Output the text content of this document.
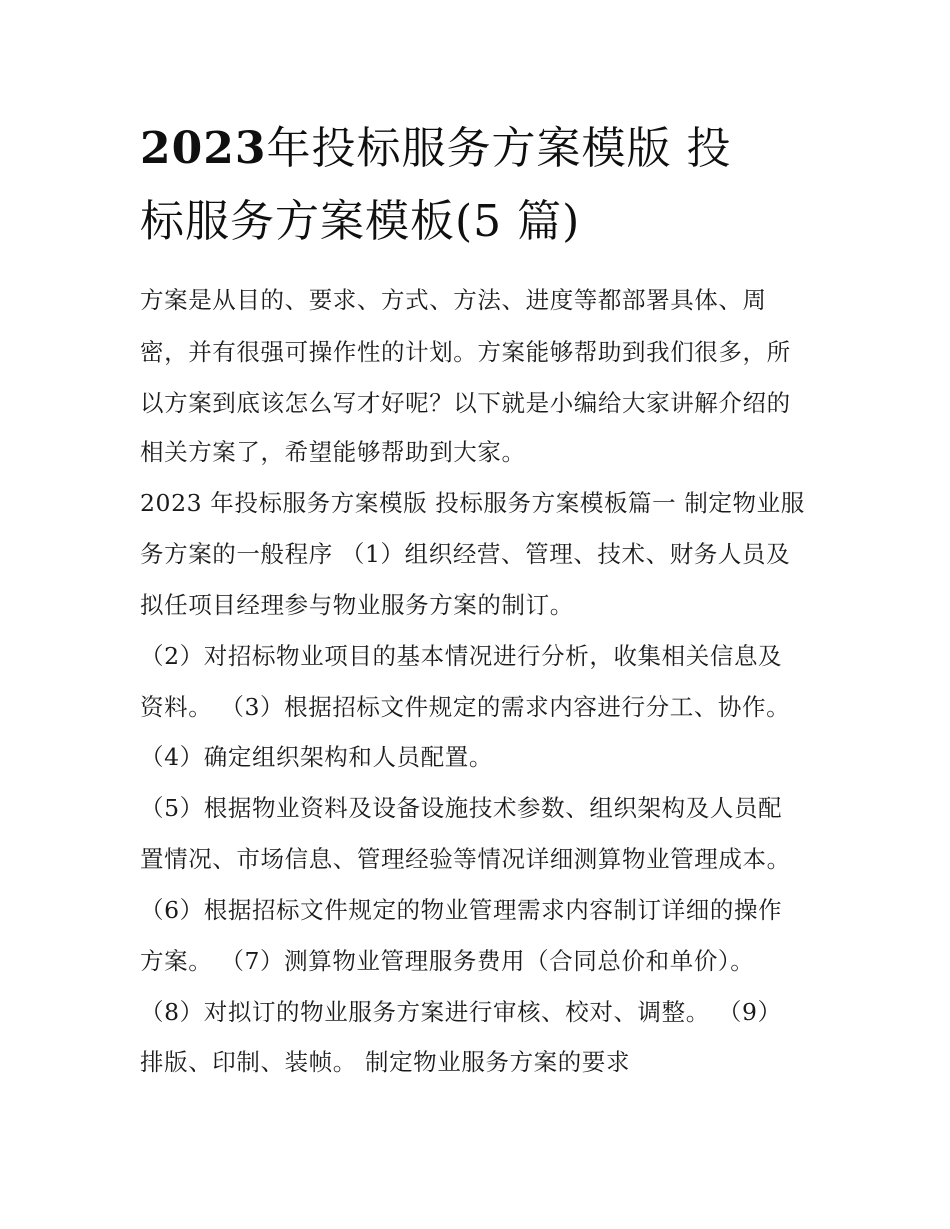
2023年投标服务方案模版 投
标服务方案模板(5 篇)

方案是从目的、要求、方式、方法、进度等都部署具体、周

密，并有很强可操作性的计划。方案能够帮助到我们很多，所

以方案到底该怎么写才好呢？以下就是小编给大家讲解介绍的

相关方案了，希望能够帮助到大家。

2023 年投标服务方案模版 投标服务方案模板篇一 制定物业服

务方案的一般程序 （1）组织经营、管理、技术、财务人员及

拟任项目经理参与物业服务方案的制订。

（2）对招标物业项目的基本情况进行分析，收集相关信息及

资料。 （3）根据招标文件规定的需求内容进行分工、协作。

（4）确定组织架构和人员配置。

（5）根据物业资料及设备设施技术参数、组织架构及人员配

置情况、市场信息、管理经验等情况详细测算物业管理成本。

（6）根据招标文件规定的物业管理需求内容制订详细的操作

方案。 （7）测算物业管理服务费用（合同总价和单价）。

（8）对拟订的物业服务方案进行审核、校对、调整。 （9）

排版、印制、装帧。 制定物业服务方案的要求
